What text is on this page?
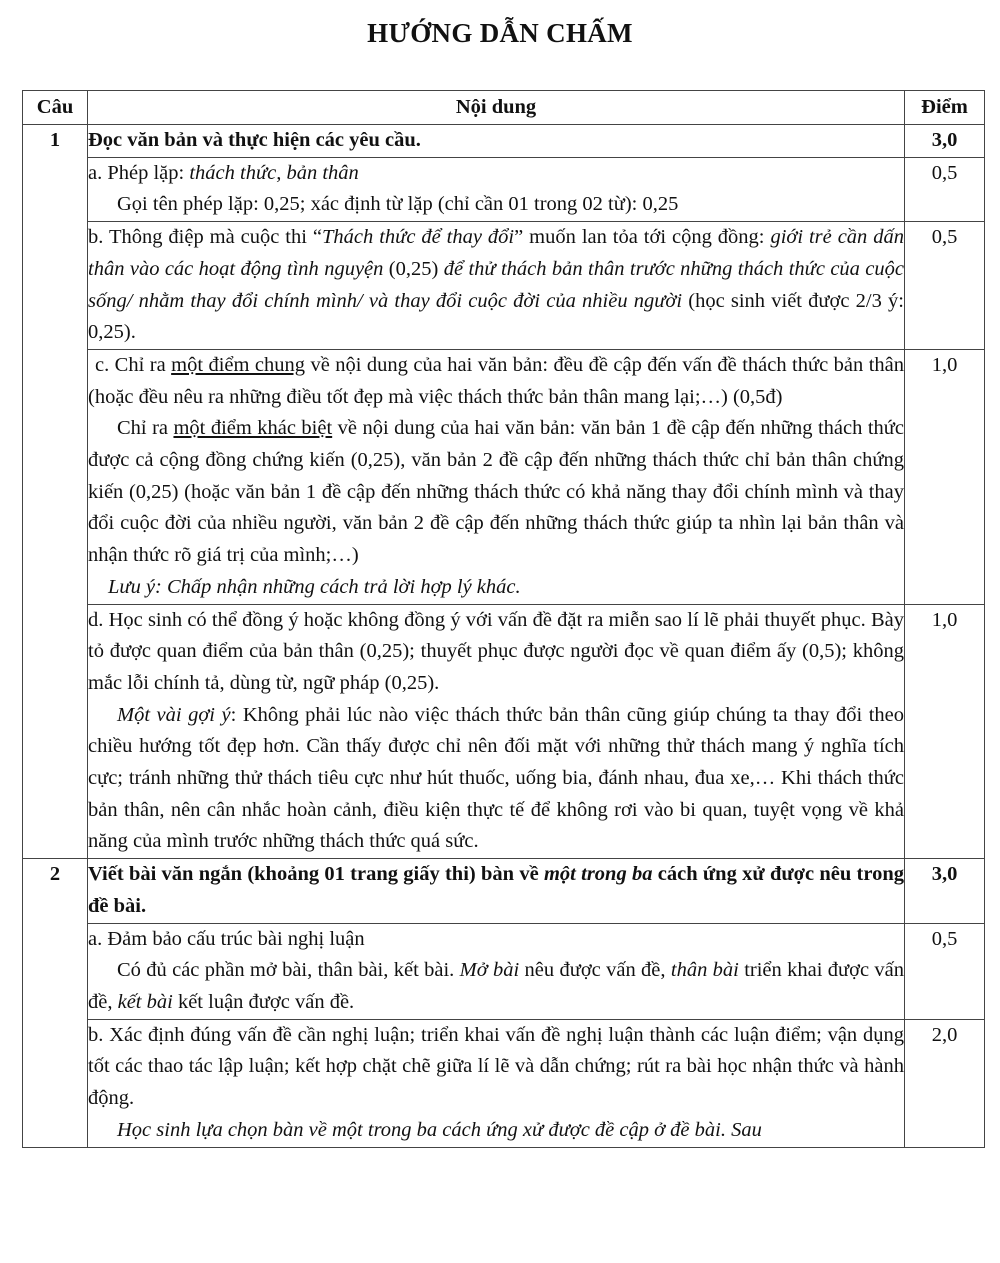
HƯỚNG DẪN CHẤM
Câu	Nội dung	Điểm
1	Đọc văn bản và thực hiện các yêu cầu.	3,0

	a. Phép lặp: thách thức, bản thân

Gọi tên phép lặp: 0,25; xác định từ lặp (chỉ cần 01 trong 02 từ): 0,25	0,5

	b. Thông điệp mà cuộc thi “Thách thức để thay đổi” muốn lan tỏa tới cộng đồng: giới trẻ cần dấn thân vào các hoạt động tình nguyện (0,25) để thử thách bản thân trước những thách thức của cuộc sống/ nhằm thay đổi chính mình/ và thay đổi cuộc đời của nhiều người (học sinh viết được 2/3 ý: 0,25).	0,5

	c. Chỉ ra một điểm chung về nội dung của hai văn bản: đều đề cập đến vấn đề thách thức bản thân (hoặc đều nêu ra những điều tốt đẹp mà việc thách thức bản thân mang lại;…) (0,5đ)

Chỉ ra một điểm khác biệt về nội dung của hai văn bản: văn bản 1 đề cập đến những thách thức được cả cộng đồng chứng kiến (0,25), văn bản 2 đề cập đến những thách thức chỉ bản thân chứng kiến (0,25) (hoặc văn bản 1 đề cập đến những thách thức có khả năng thay đổi chính mình và thay đổi cuộc đời của nhiều người, văn bản 2 đề cập đến những thách thức giúp ta nhìn lại bản thân và nhận thức rõ giá trị của mình;…)

Lưu ý: Chấp nhận những cách trả lời hợp lý khác.	1,0

	d. Học sinh có thể đồng ý hoặc không đồng ý với vấn đề đặt ra miễn sao lí lẽ phải thuyết phục. Bày tỏ được quan điểm của bản thân (0,25); thuyết phục được người đọc về quan điểm ấy (0,5); không mắc lỗi chính tả, dùng từ, ngữ pháp (0,25).

Một vài gợi ý: Không phải lúc nào việc thách thức bản thân cũng giúp chúng ta thay đổi theo chiều hướng tốt đẹp hơn. Cần thấy được chỉ nên đối mặt với những thử thách mang ý nghĩa tích cực; tránh những thử thách tiêu cực như hút thuốc, uống bia, đánh nhau, đua xe,… Khi thách thức bản thân, nên cân nhắc hoàn cảnh, điều kiện thực tế để không rơi vào bi quan, tuyệt vọng về khả năng của mình trước những thách thức quá sức.	1,0
2	Viết bài văn ngắn (khoảng 01 trang giấy thi) bàn về một trong ba cách ứng xử được nêu trong đề bài.	3,0

	a. Đảm bảo cấu trúc bài nghị luận

Có đủ các phần mở bài, thân bài, kết bài. Mở bài nêu được vấn đề, thân bài triển khai được vấn đề, kết bài kết luận được vấn đề.	0,5

	b. Xác định đúng vấn đề cần nghị luận; triển khai vấn đề nghị luận thành các luận điểm; vận dụng tốt các thao tác lập luận; kết hợp chặt chẽ giữa lí lẽ và dẫn chứng; rút ra bài học nhận thức và hành động.

Học sinh lựa chọn bàn về một trong ba cách ứng xử được đề cập ở đề bài. Sau	2,0
